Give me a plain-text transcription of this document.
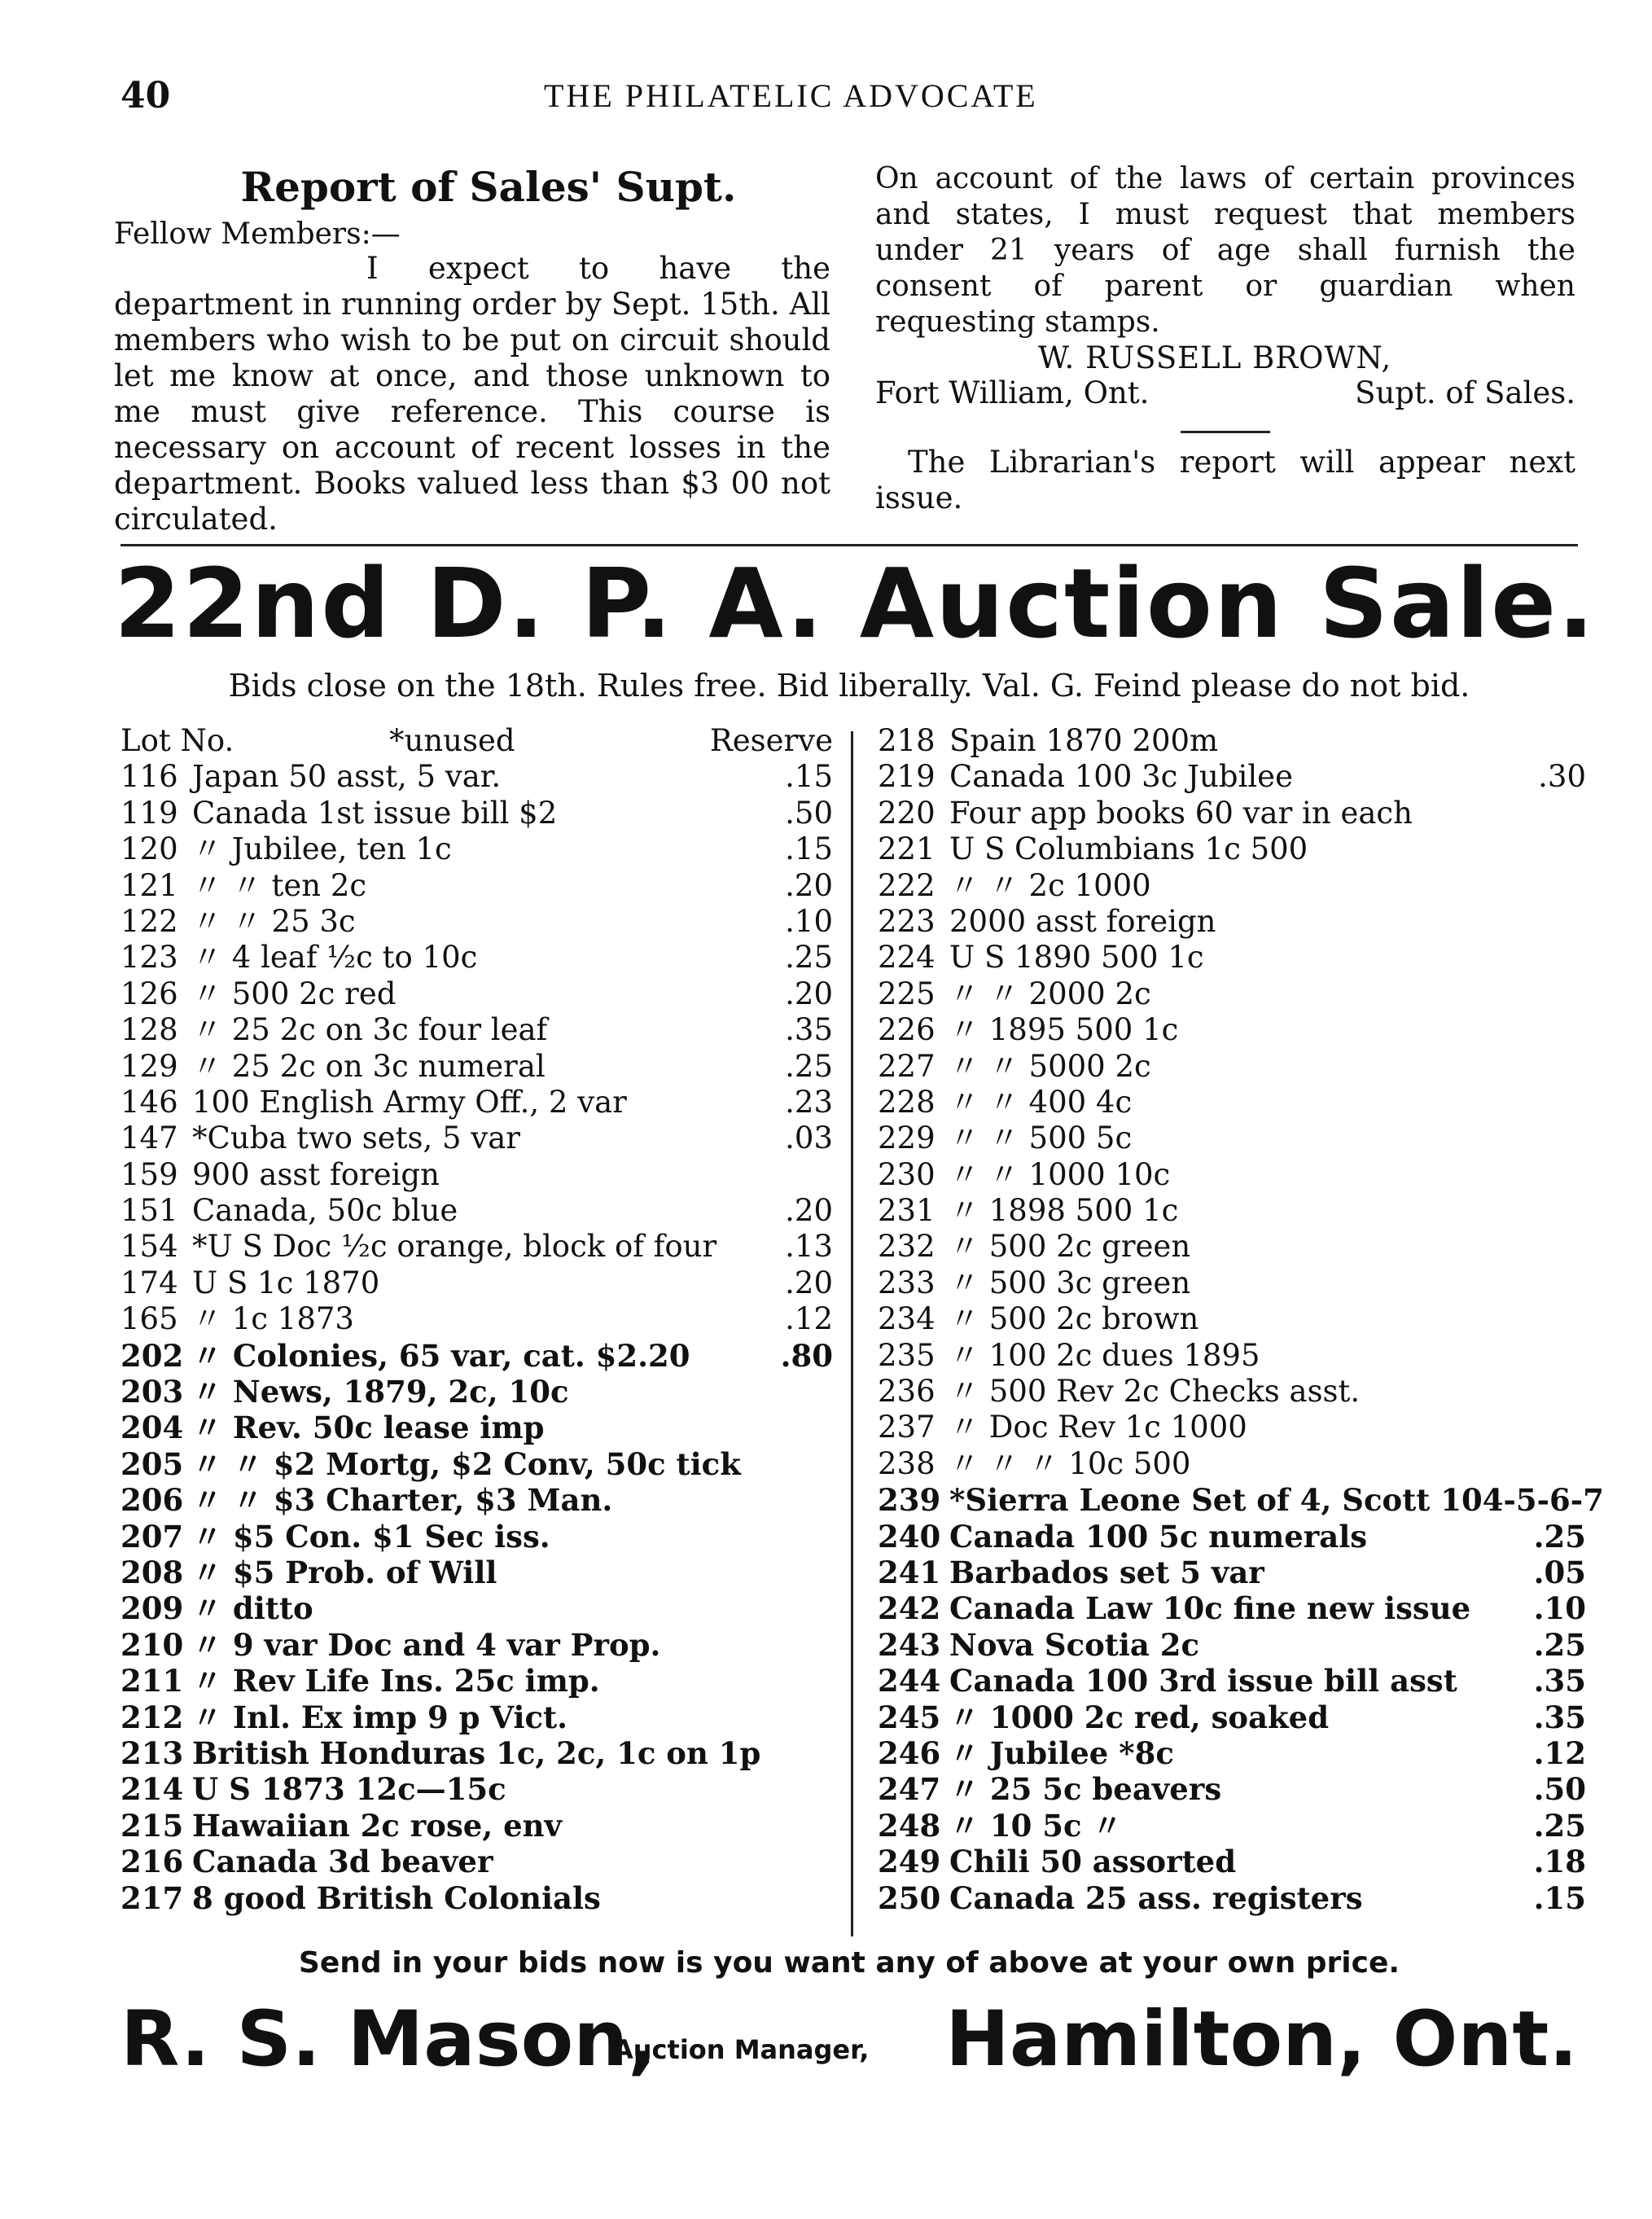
40	THE PHILATELIC ADVOCATE
Report of Sales' Supt.

Fellow Members:—

I expect to have the department in running order by Sept. 15th. All members who wish to be put on circuit should let me know at once, and those unknown to me must give reference. This course is necessary on account of recent losses in the department. Books valued less than $3 00 not circulated.

On account of the laws of certain provinces and states, I must request that members under 21 years of age shall furnish the consent of parent or guardian when requesting stamps.

W. RUSSELL BROWN,

Fort William, Ont.	Supt. of Sales.

The Librarian's report will appear next issue.

22nd D. P. A. Auction Sale.
Bids close on the 18th. Rules free. Bid liberally. Val. G. Feind please do not bid.
Lot No.	*unused	Reserve
116 Japan 50 asst, 5 var.	.15
119 Canada 1st issue bill $2	.50
120 〃 Jubilee, ten 1c	.15
121 〃 〃 ten 2c	.20
122 〃 〃 25 3c	.10
123 〃 4 leaf ½c to 10c	.25
126 〃 500 2c red	.20
128 〃 25 2c on 3c four leaf	.35
129 〃 25 2c on 3c numeral	.25
146 100 English Army Off., 2 var	.23
147 *Cuba two sets, 5 var	.03
159 900 asst foreign
151 Canada, 50c blue	.20
154 *U S Doc ½c orange, block of four .13
174 U S 1c 1870	.20
165 〃 1c 1873	.12
202 〃 Colonies, 65 var, cat. $2.20	.80
203 〃 News, 1879, 2c, 10c
204 〃 Rev. 50c lease imp
205 〃 〃 $2 Mortg, $2 Conv, 50c tick
206 〃 〃 $3 Charter, $3 Man.
207 〃 $5 Con. $1 Sec iss.
208 〃 $5 Prob. of Will
209 〃 ditto
210 〃 9 var Doc and 4 var Prop.
211 〃 Rev Life Ins. 25c imp.
212 〃 Inl. Ex imp 9 p Vict.
213 British Honduras 1c, 2c, 1c on 1p
214 U S 1873 12c—15c
215 Hawaiian 2c rose, env
216 Canada 3d beaver
217 8 good British Colonials
218 Spain 1870 200m
219 Canada 100 3c Jubilee	.30
220 Four app books 60 var in each
221 U S Columbians 1c 500
222 〃 〃 2c 1000
223 2000 asst foreign
224 U S 1890 500 1c
225 〃 〃 2000 2c
226 〃 1895 500 1c
227 〃 〃 5000 2c
228 〃 〃 400 4c
229 〃 〃 500 5c
230 〃 〃 1000 10c
231 〃 1898 500 1c
232 〃 500 2c green
233 〃 500 3c green
234 〃 500 2c brown
235 〃 100 2c dues 1895
236 〃 500 Rev 2c Checks asst.
237 〃 Doc Rev 1c 1000
238 〃 〃 〃 10c 500
239 *Sierra Leone Set of 4, Scott 104-5-6-7
240 Canada 100 5c numerals	.25
241 Barbados set 5 var	.05
242 Canada Law 10c fine new issue .10
243 Nova Scotia 2c	.25
244 Canada 100 3rd issue bill asst	.35
245 〃 1000 2c red, soaked	.35
246 〃 Jubilee *8c	.12
247 〃 25 5c beavers	.50
248 〃 10 5c 〃	.25
249 Chili 50 assorted	.18
250 Canada 25 ass. registers	.15
Send in your bids now is you want any of above at your own price.
R. S. Mason,
Auction Manager, Hamilton, Ont.
